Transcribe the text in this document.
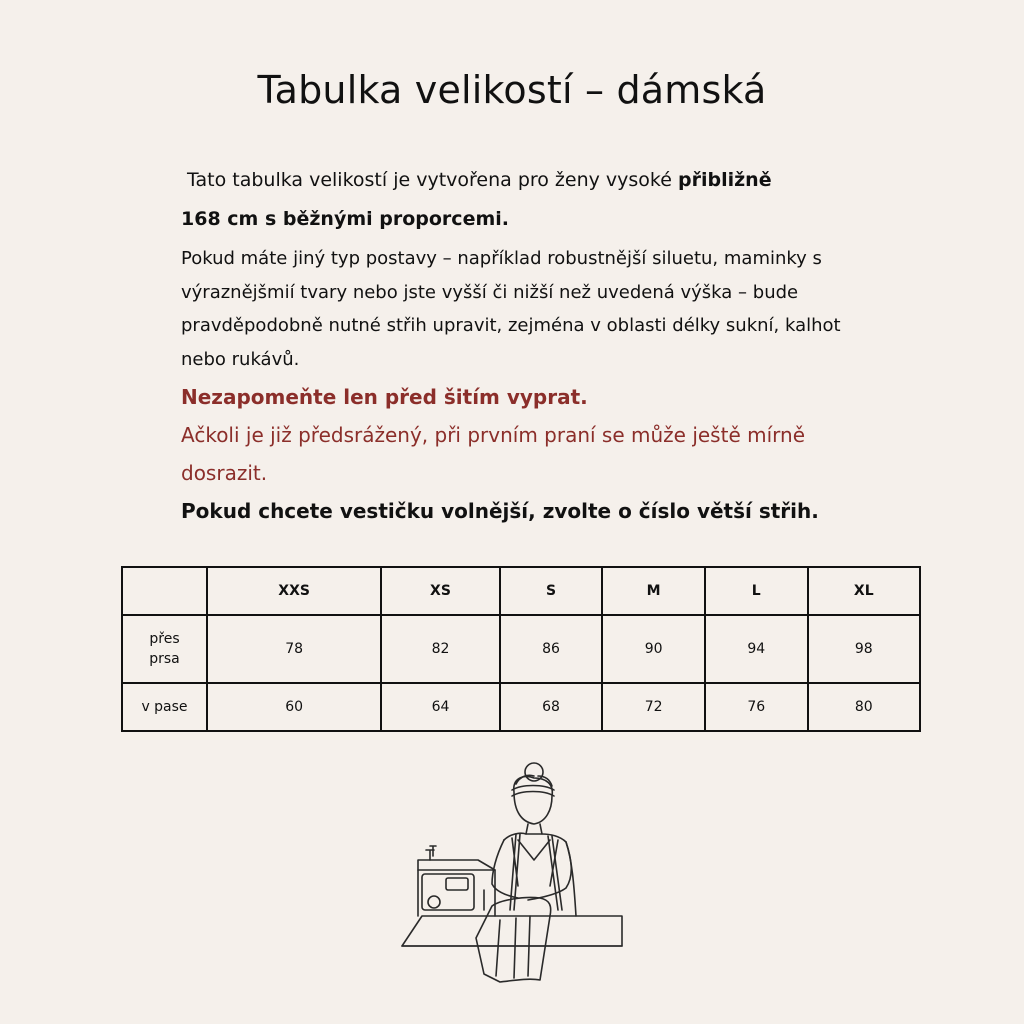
Tabulka velikostí – dámská
Tato tabulka velikostí je vytvořena pro ženy vysoké přibližně
168 cm s běžnými proporcemi.
Pokud máte jiný typ postavy – například robustnější siluetu, maminky s výraznějšmií tvary nebo jste vyšší či nižší než uvedená výška – bude pravděpodobně nutné střih upravit, zejména v oblasti délky sukní, kalhot nebo rukávů.
Nezapomeňte len před šitím vyprat.
Ačkoli je již předsrážený, při prvním praní se může ještě mírně dosrazit.
Pokud chcete vestičku volnější, zvolte o číslo větší střih.
	XXS	XS	S	M	L	XL

přes prsa	78	82	86	90	94	98
v pase	60	64	68	72	76	80
